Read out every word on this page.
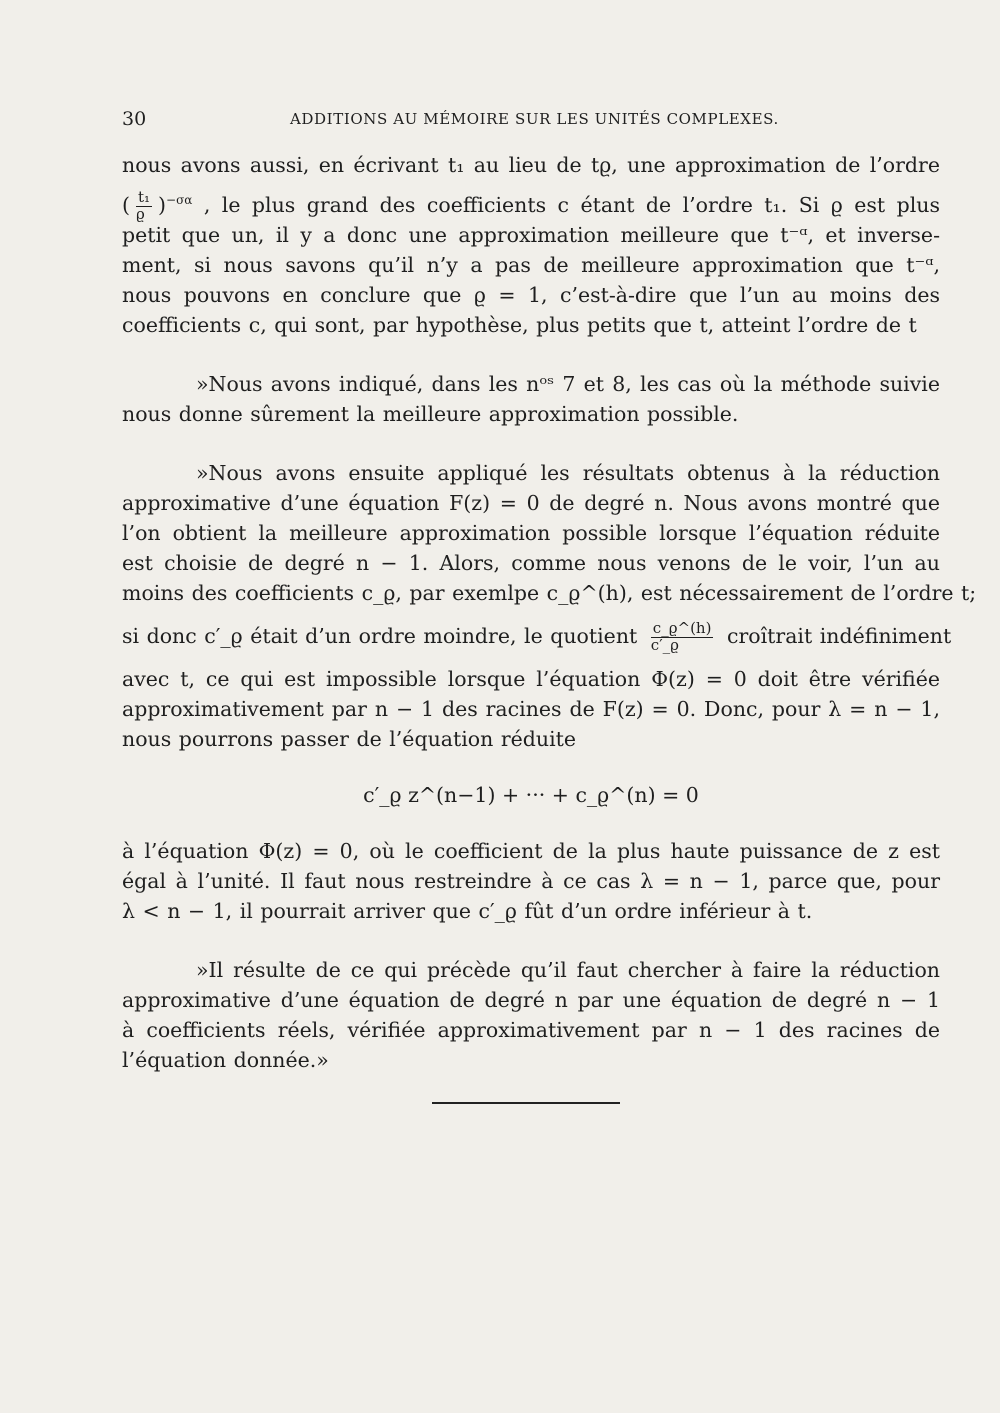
30	ADDITIONS AU MÉMOIRE SUR LES UNITÉS COMPLEXES.
nous avons aussi, en écrivant t₁ au lieu de tϱ, une approximation de l’ordre
( $\frac{\text{t₁}}{ϱ} )^{-\sigma\alpha}$ , le plus grand des coefficients c étant de l’ordre t₁. Si ϱ est plus
petit que un, il y a donc une approximation meilleure que t⁻ᵅ, et inverse-
ment, si nous savons qu’il n’y a pas de meilleure approximation que t⁻ᵅ,
nous pouvons en conclure que ϱ = 1, c’est-à-dire que l’un au moins des
coefficients c, qui sont, par hypothèse, plus petits que t, atteint l’ordre de t
»Nous avons indiqué, dans les nᵒˢ 7 et 8, les cas où la méthode suivie
nous donne sûrement la meilleure approximation possible.
»Nous avons ensuite appliqué les résultats obtenus à la réduction
approximative d’une équation F(z) = 0 de degré n. Nous avons montré que
l’on obtient la meilleure approximation possible lorsque l’équation réduite
est choisie de degré n − 1. Alors, comme nous venons de le voir, l’un au
moins des coefficients c_ϱ, par exemlpe c_ϱ^(h), est nécessairement de l’ordre t;
si donc c′_ϱ était d’un ordre moindre, le quotient $\frac{c\_ϱ\^{}(h)}{c'\_ϱ}$ croîtrait indéfiniment
avec t, ce qui est impossible lorsque l’équation Φ(z) = 0 doit être vérifiée
approximativement par n − 1 des racines de F(z) = 0. Donc, pour λ = n − 1,
nous pourrons passer de l’équation réduite
c′_ϱ z^(n−1) + ··· + c_ϱ^(n) = 0
à l’équation Φ(z) = 0, où le coefficient de la plus haute puissance de z est
égal à l’unité. Il faut nous restreindre à ce cas λ = n − 1, parce que, pour
λ < n − 1, il pourrait arriver que c′_ϱ fût d’un ordre inférieur à t.
»Il résulte de ce qui précède qu’il faut chercher à faire la réduction
approximative d’une équation de degré n par une équation de degré n − 1
à coefficients réels, vérifiée approximativement par n − 1 des racines de
l’équation donnée.»
